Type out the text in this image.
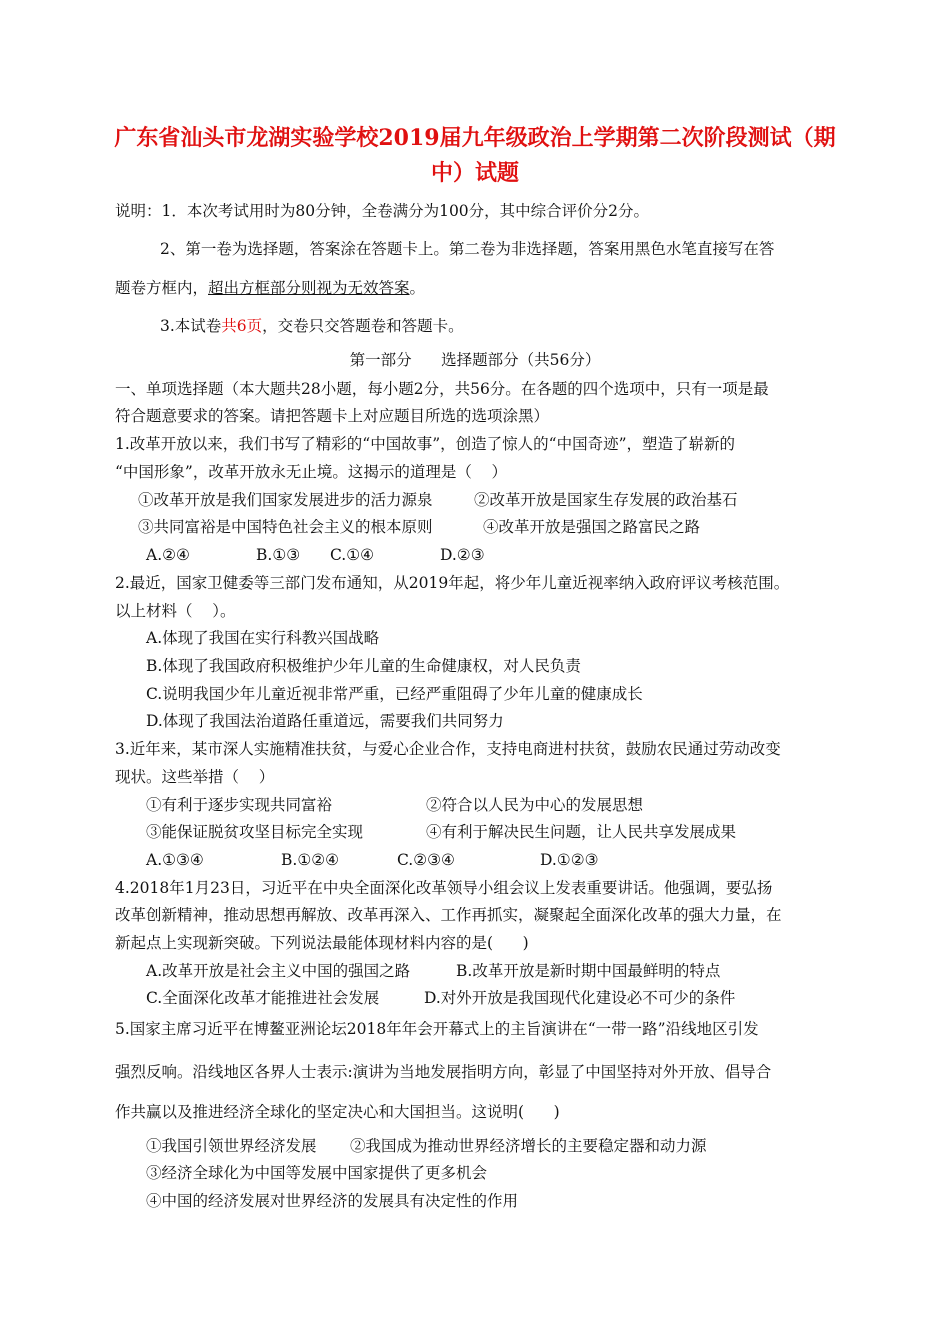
广东省汕头市龙湖实验学校2019届九年级政治上学期第二次阶段测试（期
中）试题
说明：1．本次考试用时为80分钟，全卷满分为100分，其中综合评价分2分。
2、第一卷为选择题，答案涂在答题卡上。第二卷为非选择题，答案用黑色水笔直接写在答
题卷方框内，超出方框部分则视为无效答案。
3.本试卷共6页，交卷只交答题卷和答题卡。
第一部分      选择题部分（共56分）
一、单项选择题（本大题共28小题，每小题2分，共56分。在各题的四个选项中，只有一项是最
符合题意要求的答案。请把答题卡上对应题目所选的选项涂黑）
1.改革开放以来，我们书写了精彩的“中国故事”，创造了惊人的“中国奇迹”，塑造了崭新的
“中国形象”，改革开放永无止境。这揭示的道理是（    ）
①改革开放是我们国家发展进步的活力源泉	②改革开放是国家生存发展的政治基石
③共同富裕是中国特色社会主义的根本原则	④改革开放是强国之路富民之路
A.②④	B.①③ C.①④	D.②③
2.最近，国家卫健委等三部门发布通知，从2019年起，将少年儿童近视率纳入政府评议考核范围。
以上材料（    ）。
A.体现了我国在实行科教兴国战略
B.体现了我国政府积极维护少年儿童的生命健康权，对人民负责
C.说明我国少年儿童近视非常严重，已经严重阻碍了少年儿童的健康成长
D.体现了我国法治道路任重道远，需要我们共同努力
3.近年来，某市深人实施精准扶贫，与爱心企业合作，支持电商进村扶贫，鼓励农民通过劳动改变
现状。这些举措（    ）
①有利于逐步实现共同富裕	②符合以人民为中心的发展思想
③能保证脱贫攻坚目标完全实现	④有利于解决民生问题，让人民共享发展成果
A.①③④	B.①②④	C.②③④	D.①②③
4.2018年1月23日，习近平在中央全面深化改革领导小组会议上发表重要讲话。他强调，要弘扬
改革创新精神，推动思想再解放、改革再深入、工作再抓实，凝聚起全面深化改革的强大力量，在
新起点上实现新突破。下列说法最能体现材料内容的是(      )
A.改革开放是社会主义中国的强国之路	B.改革开放是新时期中国最鲜明的特点
C.全面深化改革才能推进社会发展	D.对外开放是我国现代化建设必不可少的条件
5.国家主席习近平在博鳌亚洲论坛2018年年会开幕式上的主旨演讲在“一带一路”沿线地区引发
强烈反响。沿线地区各界人士表示:演讲为当地发展指明方向，彰显了中国坚持对外开放、倡导合
作共赢以及推进经济全球化的坚定决心和大国担当。这说明(      )
①我国引领世界经济发展 ②我国成为推动世界经济增长的主要稳定器和动力源
③经济全球化为中国等发展中国家提供了更多机会
④中国的经济发展对世界经济的发展具有决定性的作用
